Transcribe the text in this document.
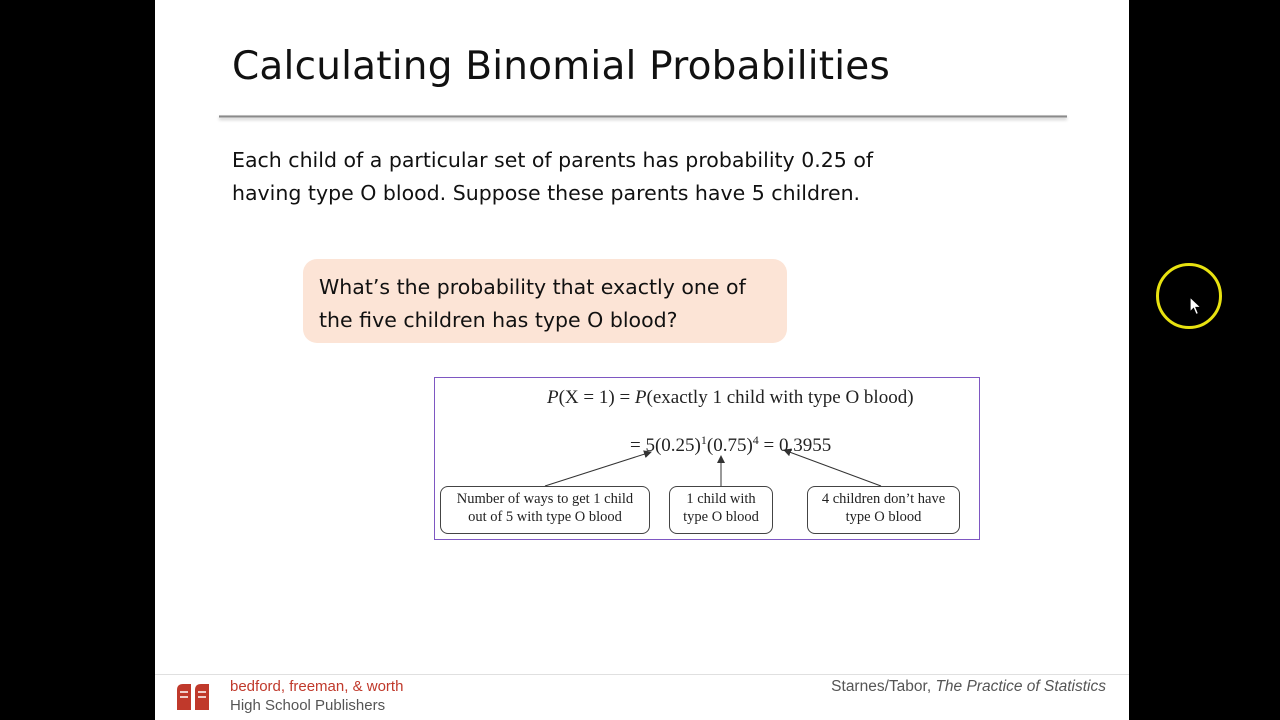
Calculating Binomial Probabilities

Each child of a particular set of parents has probability 0.25 of having type O blood. Suppose these parents have 5 children.

What’s the probability that exactly one of the five children has type O blood?
P(X = 1) = P(exactly 1 child with type O blood)
= $5(0.25)^1(0.75)^4 = 0.3955$
Number of ways to get 1 child
out of 5 with type O blood
1 child with
type O blood
4 children don’t have
type O blood
bedford, freeman, & worth
High School Publishers
Starnes/Tabor, The Practice of Statistics
